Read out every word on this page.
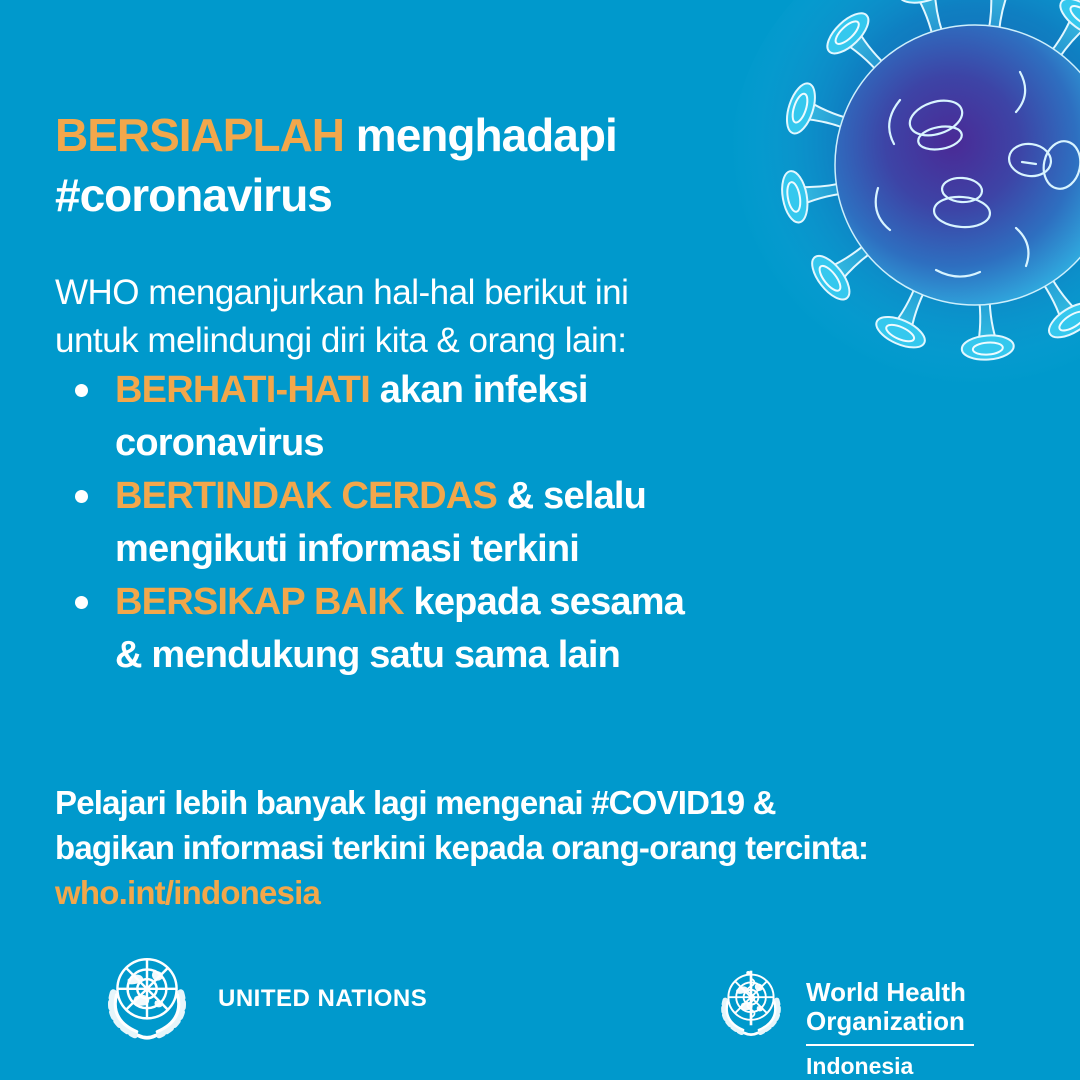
BERSIAPLAH menghadapi
#coronavirus

WHO menganjurkan hal-hal berikut ini
untuk melindungi diri kita & orang lain:

BERHATI-HATI akan infeksi
coronavirus
BERTINDAK CERDAS & selalu
mengikuti informasi terkini
BERSIKAP BAIK kepada sesama
& mendukung satu sama lain

Pelajari lebih banyak lagi mengenai #COVID19 &
bagikan informasi terkini kepada orang-orang tercinta:
who.int/indonesia

UNITED NATIONS	World Health
Organization
Indonesia
